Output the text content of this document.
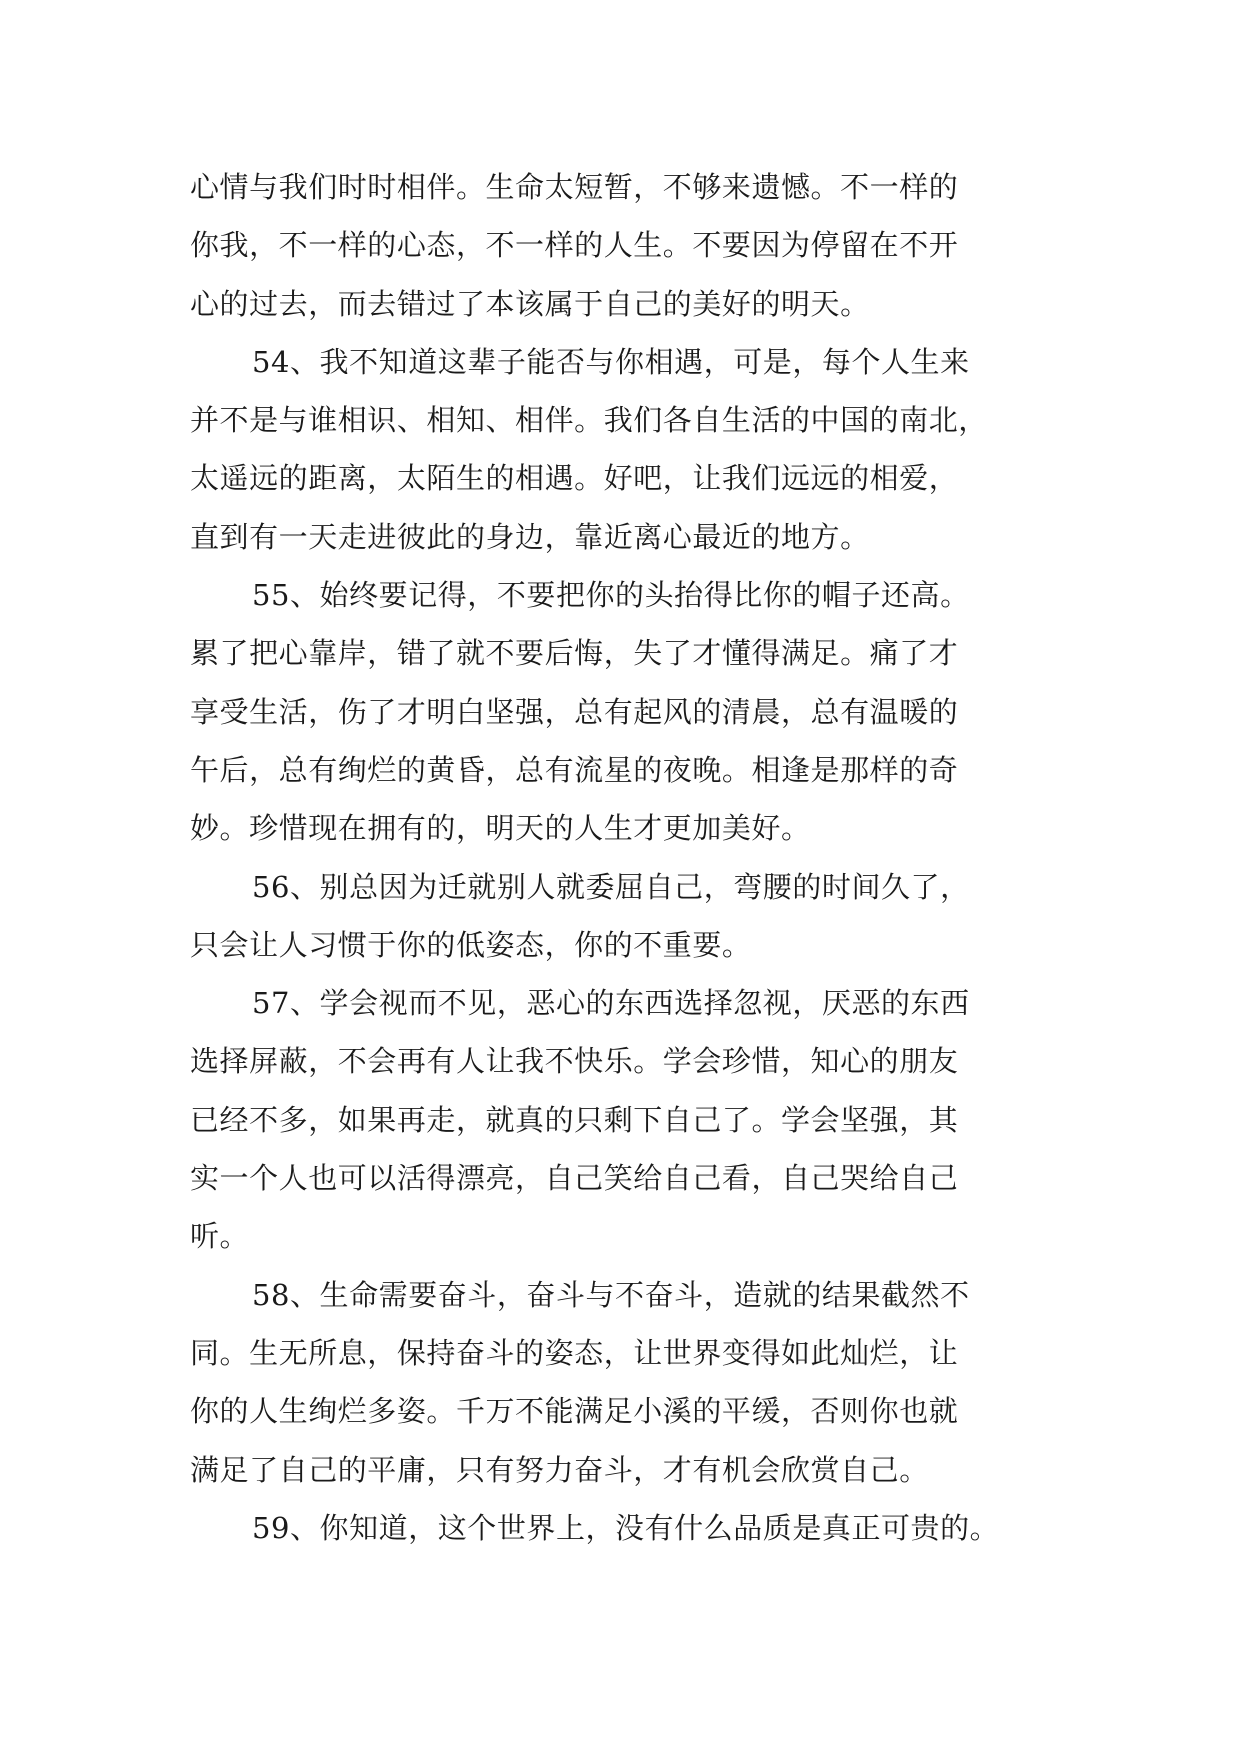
心情与我们时时相伴。生命太短暂，不够来遗憾。不一样的
你我，不一样的心态，不一样的人生。不要因为停留在不开
心的过去，而去错过了本该属于自己的美好的明天。
54、我不知道这辈子能否与你相遇，可是，每个人生来
并不是与谁相识、相知、相伴。我们各自生活的中国的南北，
太遥远的距离，太陌生的相遇。好吧，让我们远远的相爱，
直到有一天走进彼此的身边，靠近离心最近的地方。
55、始终要记得，不要把你的头抬得比你的帽子还高。
累了把心靠岸，错了就不要后悔，失了才懂得满足。痛了才
享受生活，伤了才明白坚强，总有起风的清晨，总有温暖的
午后，总有绚烂的黄昏，总有流星的夜晚。相逢是那样的奇
妙。珍惜现在拥有的，明天的人生才更加美好。
56、别总因为迁就别人就委屈自己，弯腰的时间久了，
只会让人习惯于你的低姿态，你的不重要。
57、学会视而不见，恶心的东西选择忽视，厌恶的东西
选择屏蔽，不会再有人让我不快乐。学会珍惜，知心的朋友
已经不多，如果再走，就真的只剩下自己了。学会坚强，其
实一个人也可以活得漂亮，自己笑给自己看，自己哭给自己
听。
58、生命需要奋斗，奋斗与不奋斗，造就的结果截然不
同。生无所息，保持奋斗的姿态，让世界变得如此灿烂，让
你的人生绚烂多姿。千万不能满足小溪的平缓，否则你也就
满足了自己的平庸，只有努力奋斗，才有机会欣赏自己。
59、你知道，这个世界上，没有什么品质是真正可贵的。
